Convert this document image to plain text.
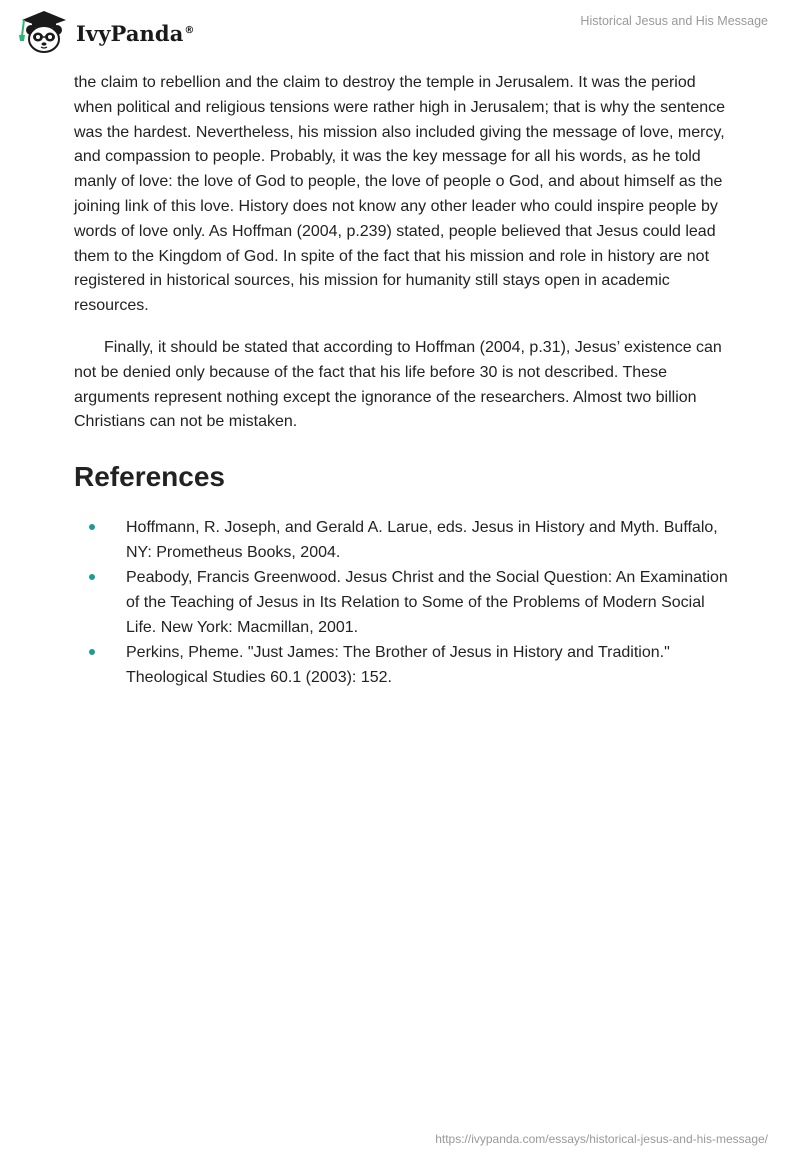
IvyPanda®
Historical Jesus and His Message

the claim to rebellion and the claim to destroy the temple in Jerusalem. It was the period when political and religious tensions were rather high in Jerusalem; that is why the sentence was the hardest. Nevertheless, his mission also included giving the message of love, mercy, and compassion to people. Probably, it was the key message for all his words, as he told manly of love: the love of God to people, the love of people o God, and about himself as the joining link of this love. History does not know any other leader who could inspire people by words of love only. As Hoffman (2004, p.239) stated, people believed that Jesus could lead them to the Kingdom of God. In spite of the fact that his mission and role in history are not registered in historical sources, his mission for humanity still stays open in academic resources.

Finally, it should be stated that according to Hoffman (2004, p.31), Jesus’ existence can not be denied only because of the fact that his life before 30 is not described. These arguments represent nothing except the ignorance of the researchers. Almost two billion Christians can not be mistaken.

References
Hoffmann, R. Joseph, and Gerald A. Larue, eds. Jesus in History and Myth. Buffalo, NY: Prometheus Books, 2004.
Peabody, Francis Greenwood. Jesus Christ and the Social Question: An Examination of the Teaching of Jesus in Its Relation to Some of the Problems of Modern Social Life. New York: Macmillan, 2001.
Perkins, Pheme. "Just James: The Brother of Jesus in History and Tradition." Theological Studies 60.1 (2003): 152.
https://ivypanda.com/essays/historical-jesus-and-his-message/
